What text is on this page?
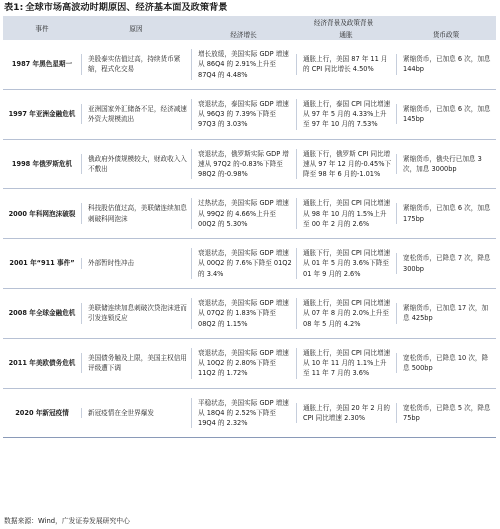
表1: 全球市场高波动时期原因、经济基本面及政策背景
事件	原因	经济背景及政策背景		
		经济增长	通胀	货币政策
1987 年黑色星期一	美股泰实估值过高，持续货币紧缩，程式化交易	增长放缓，美国实际 GDP 增速从 86Q4 的 2.91%上升至 87Q4 的 4.48%	通胀上行，美国 87 年 11 月的 CPI 同比增长 4.50%	紧缩货币，已加息 6 次，加息 144bp

1997 年亚洲金融危机	亚洲国家外汇储备不足，经济减速外资大规模流出	衰退状态，泰国实际 GDP 增速从 96Q3 的 7.39%下降至 97Q3 的 3.03%	通胀上行，泰国 CPI 同比增速从 97 年 5 月的 4.33%上升至 97 年 10 月的 7.53%	紧缩货币，已加息 6 次，加息 145bp

1998 年俄罗斯危机	俄政府外债规模较大，财政收入入不敷出	衰退状态，俄罗斯实际 GDP 增速从 97Q2 的-0.83%下降至 98Q2 的-0.98%	通胀下行，俄罗斯 CPI 同比增速从 97 年 12 月的-0.45%下降至 98 年 6 月的-1.01%	紧缩货币，俄央行已加息 3 次，加息 3000bp

2000 年科网泡沫破裂	科技股估值过高，美联储连续加息刺破科网泡沫	过热状态，美国实际 GDP 增速从 99Q2 的 4.66%上升至 00Q2 的 5.30%	通胀上行，美国 CPI 同比增速从 98 年 10 月的 1.5%上升至 00 年 2 月的 2.6%	紧缩货币，已加息 6 次，加息 175bp

2001 年“911 事件”	外部暂时性冲击	衰退状态，美国实际 GDP 增速从 00Q2 的 7.6%下降至 01Q2 的 3.4%	通胀下行，美国 CPI 同比增速从 01 年 5 月的 3.6%下降至 01 年 9 月的 2.6%	宽松货币，已降息 7 次，降息 300bp

2008 年全球金融危机	美联储连续加息刺破次贷泡沫进而引发连锁反应	衰退状态，美国实际 GDP 增速从 07Q2 的 1.83%下降至 08Q2 的 1.15%	通胀上行，美国 CPI 同比增速从 07 年 8 月的 2.0%上升至 08 年 5 月的 4.2%	紧缩货币，已加息 17 次，加息 425bp

2011 年美欧债务危机	美国债务触及上限，美国主权信用评级遭下调	衰退状态，美国实际 GDP 增速从 10Q2 的 2.80%下降至 11Q2 的 1.72%	通胀上行，美国 CPI 同比增速从 10 年 11 月的 1.1%上升至 11 年 7 月的 3.6%	宽松货币，已降息 10 次，降息 500bp

2020 年新冠疫情	新冠疫情在全世界爆发	平稳状态，美国实际 GDP 增速从 18Q4 的 2.52%下降至 19Q4 的 2.32%	通胀上行，美国 20 年 2 月的 CPI 同比增速 2.30%	宽松货币，已降息 5 次，降息 75bp
数据来源：Wind，广发证券发展研究中心
